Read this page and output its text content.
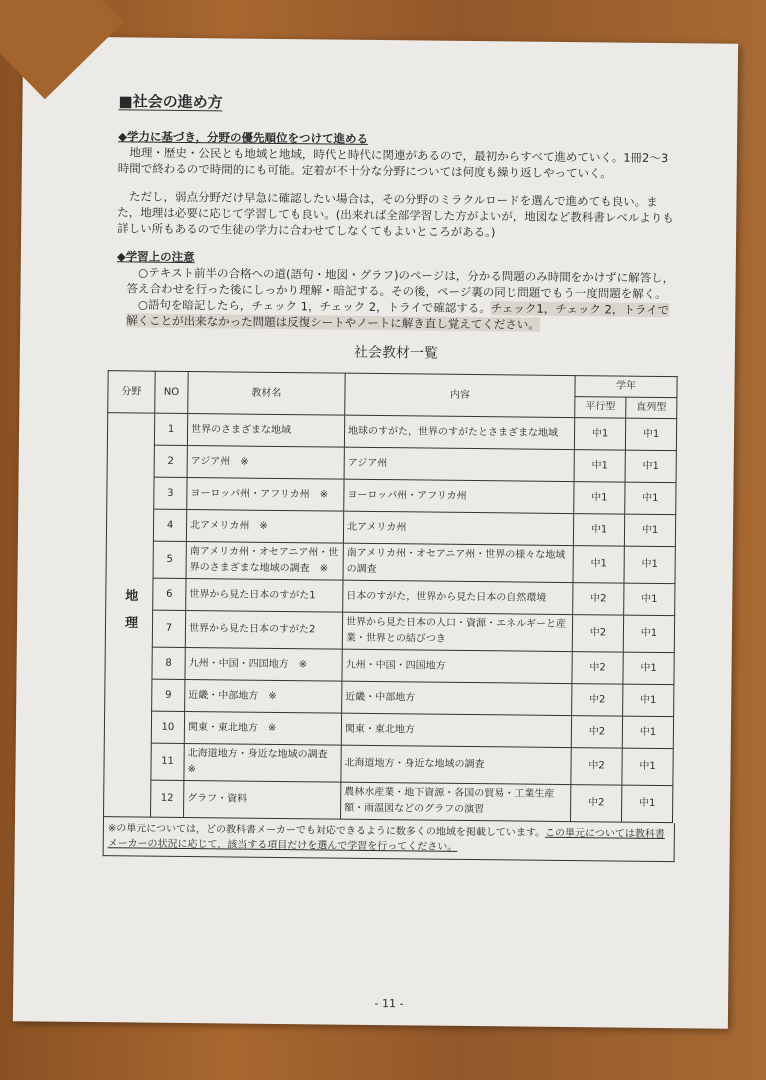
■社会の進め方
◆学力に基づき，分野の優先順位をつけて進める

地理・歴史・公民とも地域と地域，時代と時代に関連があるので，最初からすべて進めていく。1冊2～3時間で終わるので時間的にも可能。定着が不十分な分野については何度も繰り返しやっていく。

ただし，弱点分野だけ早急に確認したい場合は，その分野のミラクルロードを選んで進めても良い。また，地理は必要に応じて学習しても良い。(出来れば全部学習した方がよいが，地図など教科書レベルよりも詳しい所もあるので生徒の学力に合わせてしなくてもよいところがある。)

◆学習上の注意

○テキスト前半の合格への道(語句・地図・グラフ)のページは，分かる問題のみ時間をかけずに解答し，答え合わせを行った後にしっかり理解・暗記する。その後，ページ裏の同じ問題でもう一度問題を解く。

○語句を暗記したら，チェック 1，チェック 2，トライで確認する。チェック1，チェック 2，トライで解くことが出来なかった問題は反復シートやノートに解き直し覚えてください。

社会教材一覧
分野	NO	教材名	内容	学年	
				平行型	直列型
地理	1	世界のさまざまな地域	地球のすがた，世界のすがたとさまざまな地域	中1	中1
	2	アジア州　※	アジア州	中1	中1
	3	ヨーロッパ州・アフリカ州　※	ヨーロッパ州・アフリカ州	中1	中1
	4	北アメリカ州　※	北アメリカ州	中1	中1
	5	南アメリカ州・オセアニア州・世界のさまざまな地域の調査　※	南アメリカ州・オセアニア州・世界の様々な地域の調査	中1	中1
	6	世界から見た日本のすがた1	日本のすがた，世界から見た日本の自然環境	中2	中1
	7	世界から見た日本のすがた2	世界から見た日本の人口・資源・エネルギーと産業・世界との結びつき	中2	中1
	8	九州・中国・四国地方　※	九州・中国・四国地方	中2	中1
	9	近畿・中部地方　※	近畿・中部地方	中2	中1
	10	関東・東北地方　※	関東・東北地方	中2	中1
	11	北海道地方・身近な地域の調査　※	北海道地方・身近な地域の調査	中2	中1
	12	グラフ・資料	農林水産業・地下資源・各国の貿易・工業生産額・雨温図などのグラフの演習	中2	中1
※の単元については，どの教科書メーカーでも対応できるように数多くの地域を掲載しています。この単元については教科書メーカーの状況に応じて，該当する項目だけを選んで学習を行ってください。
- 11 -
